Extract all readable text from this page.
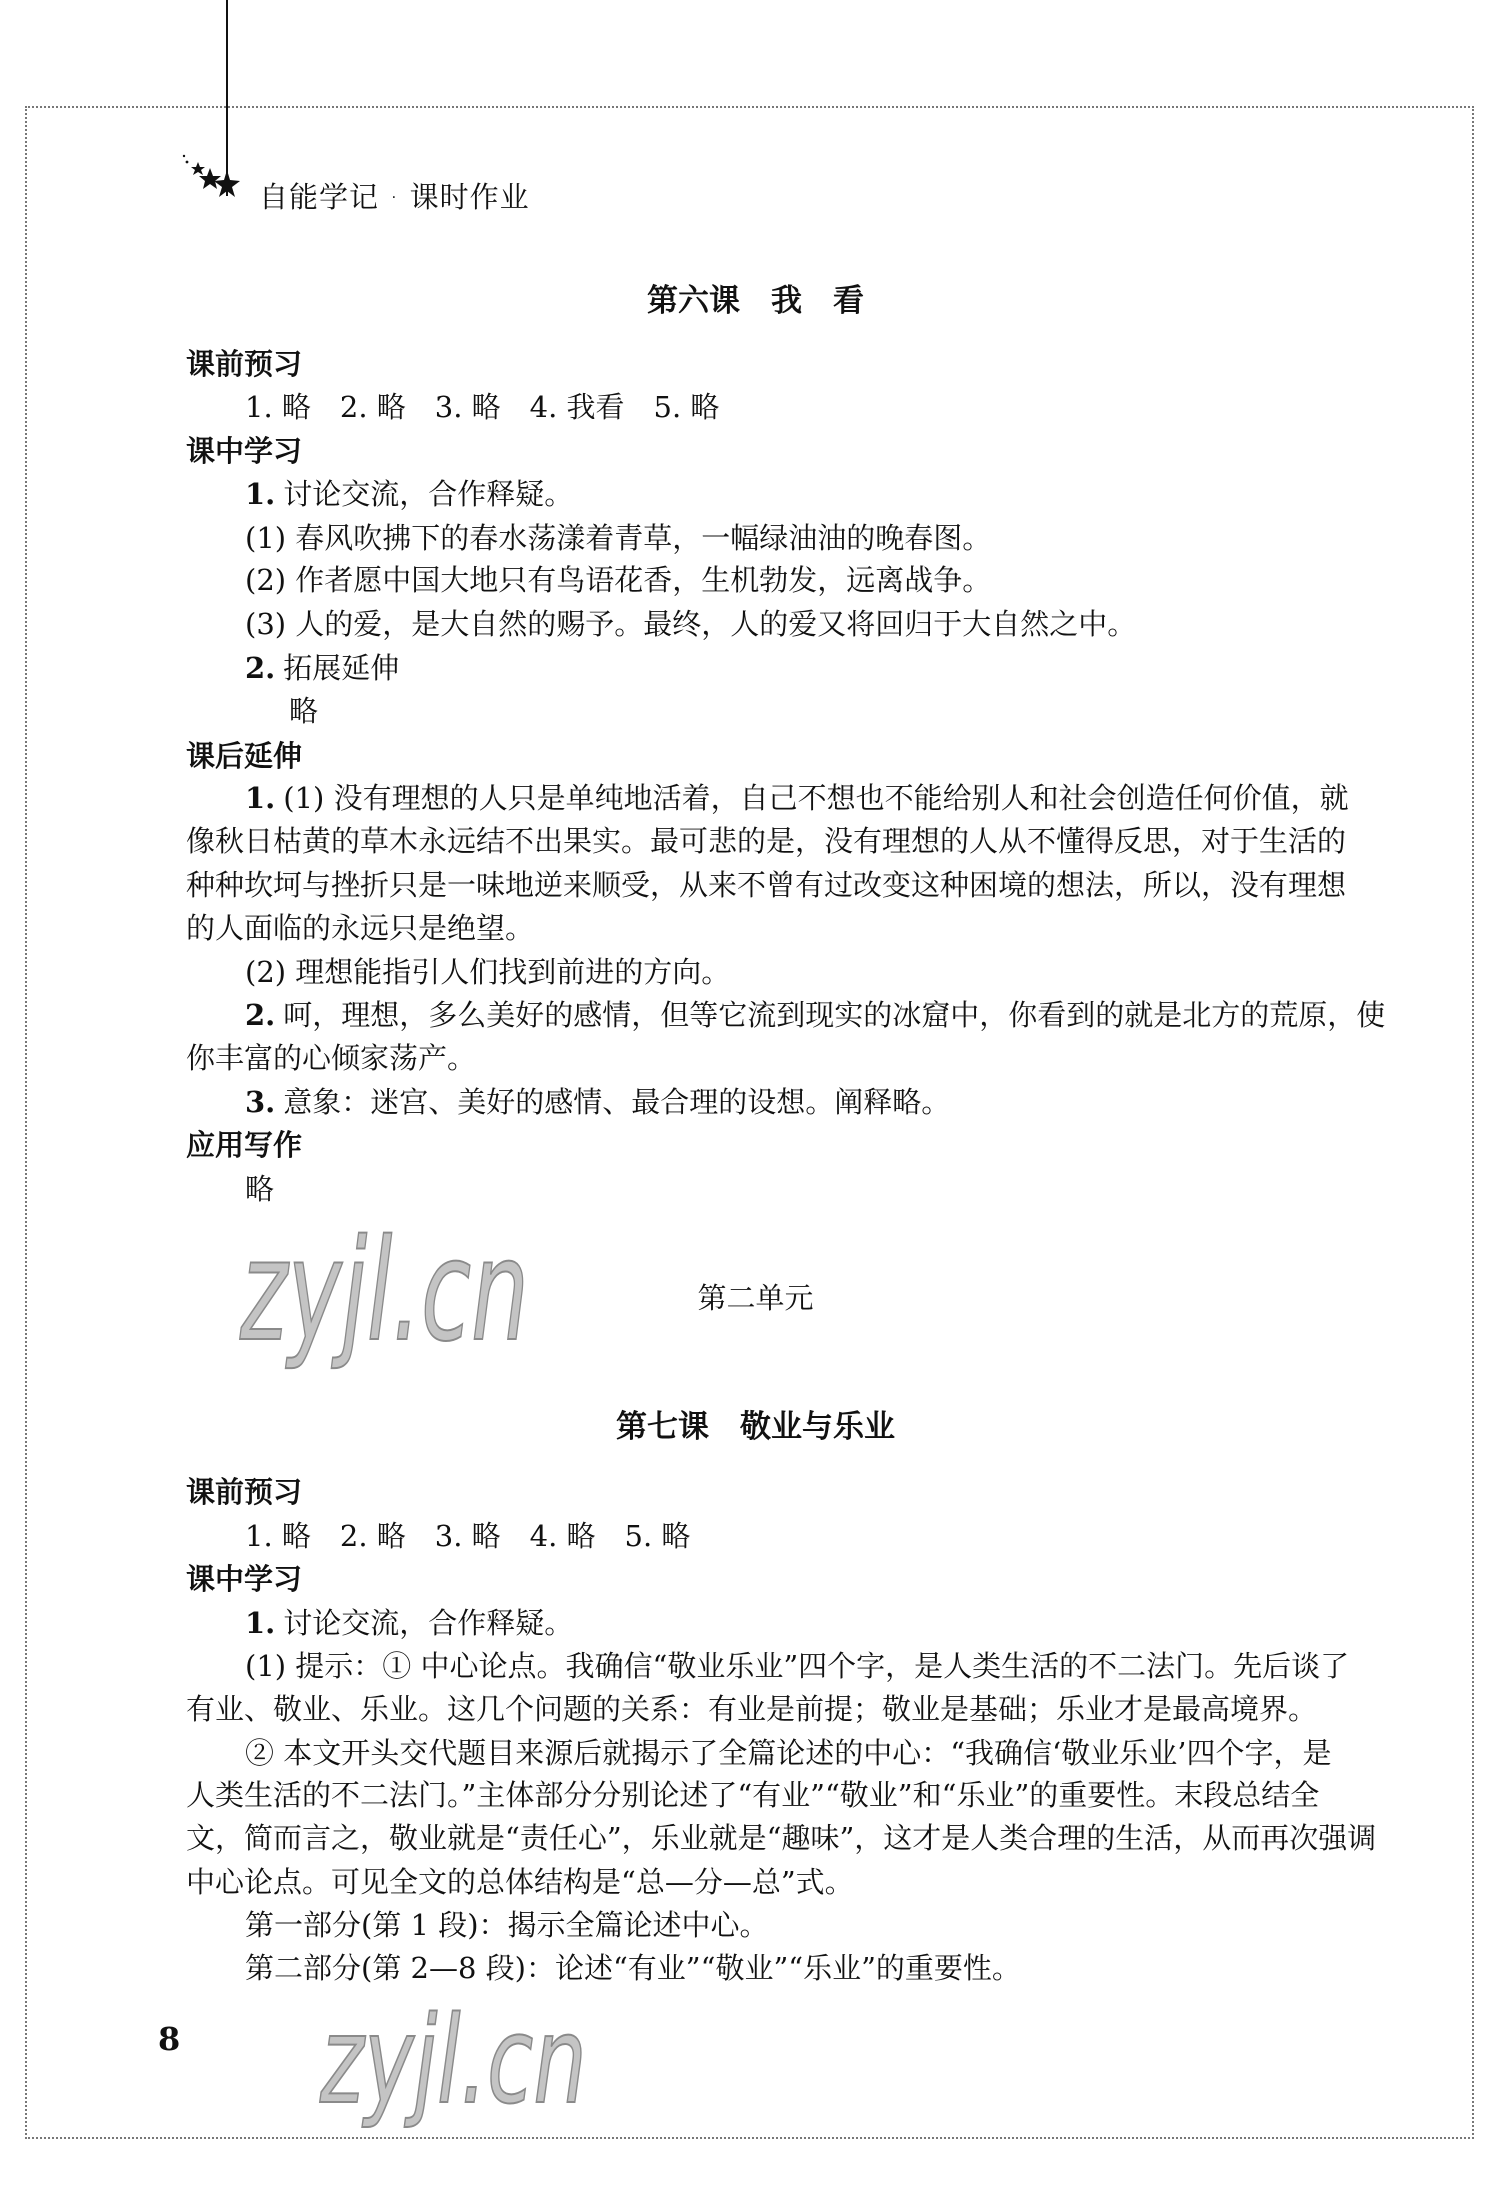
自能学记 · 课时作业
zyjl.cn
zyjl.cn
第六课　我　看
课前预习
1. 略　2. 略　3. 略　4. 我看　5. 略
课中学习
1. 讨论交流，合作释疑。
(1) 春风吹拂下的春水荡漾着青草，一幅绿油油的晚春图。
(2) 作者愿中国大地只有鸟语花香，生机勃发，远离战争。
(3) 人的爱，是大自然的赐予。最终，人的爱又将回归于大自然之中。
2. 拓展延伸
略
课后延伸
1. (1) 没有理想的人只是单纯地活着，自己不想也不能给别人和社会创造任何价值，就
像秋日枯黄的草木永远结不出果实。最可悲的是，没有理想的人从不懂得反思，对于生活的
种种坎坷与挫折只是一味地逆来顺受，从来不曾有过改变这种困境的想法，所以，没有理想
的人面临的永远只是绝望。
(2) 理想能指引人们找到前进的方向。
2. 呵，理想，多么美好的感情，但等它流到现实的冰窟中，你看到的就是北方的荒原，使
你丰富的心倾家荡产。
3. 意象：迷宫、美好的感情、最合理的设想。阐释略。
应用写作
略
第二单元
第七课　敬业与乐业
课前预习
1. 略　2. 略　3. 略　4. 略　5. 略
课中学习
1. 讨论交流，合作释疑。
(1) 提示：① 中心论点。我确信“敬业乐业”四个字，是人类生活的不二法门。先后谈了
有业、敬业、乐业。这几个问题的关系：有业是前提；敬业是基础；乐业才是最高境界。
② 本文开头交代题目来源后就揭示了全篇论述的中心：“我确信‘敬业乐业’四个字，是
人类生活的不二法门。”主体部分分别论述了“有业”“敬业”和“乐业”的重要性。末段总结全
文，简而言之，敬业就是“责任心”，乐业就是“趣味”，这才是人类合理的生活，从而再次强调
中心论点。可见全文的总体结构是“总—分—总”式。
第一部分(第 1 段)：揭示全篇论述中心。
第二部分(第 2—8 段)：论述“有业”“敬业”“乐业”的重要性。
8
